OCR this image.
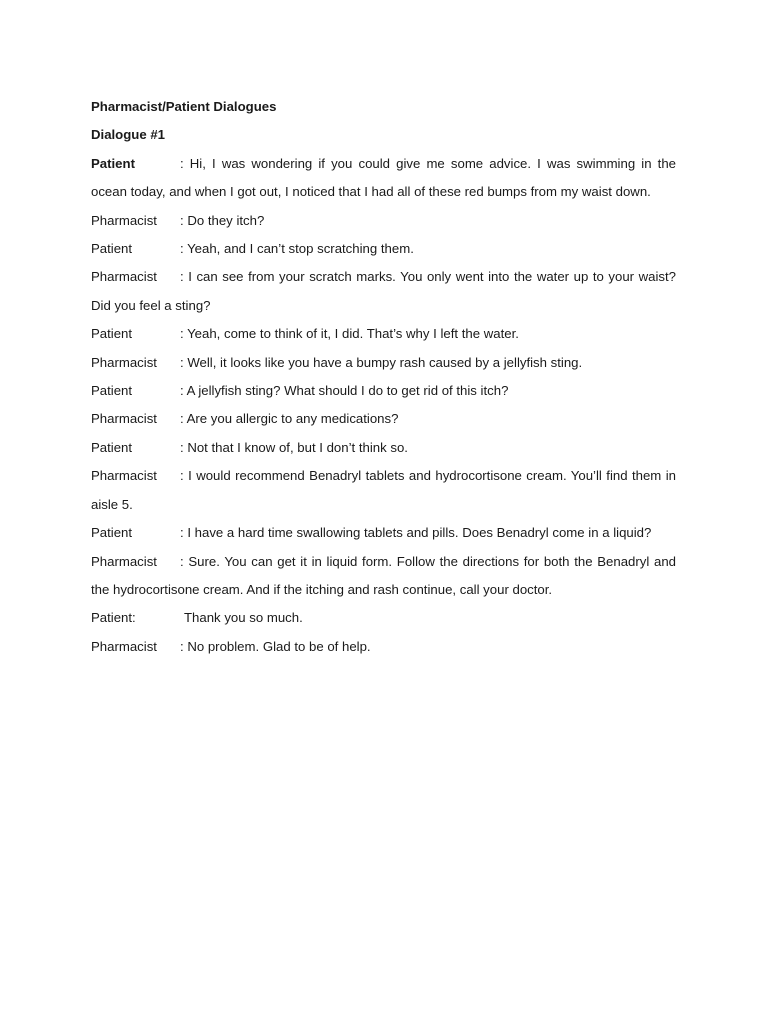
Pharmacist/Patient Dialogues

Dialogue #1

Patient	: Hi, I was wondering if you could give me some advice. I was swimming in the ocean today, and when I got out, I noticed that I had all of these red bumps from my waist down.

Pharmacist : Do they itch?

Patient	: Yeah, and I can’t stop scratching them.

Pharmacist : I can see from your scratch marks. You only went into the water up to your waist? Did you feel a sting?

Patient	: Yeah, come to think of it, I did. That’s why I left the water.

Pharmacist : Well, it looks like you have a bumpy rash caused by a jellyfish sting.

Patient	: A jellyfish sting? What should I do to get rid of this itch?

Pharmacist : Are you allergic to any medications?

Patient	: Not that I know of, but I don’t think so.

Pharmacist : I would recommend Benadryl tablets and hydrocortisone cream. You’ll find them in aisle 5.

Patient	: I have a hard time swallowing tablets and pills. Does Benadryl come in a liquid?

Pharmacist : Sure. You can get it in liquid form. Follow the directions for both the Benadryl and the hydrocortisone cream. And if the itching and rash continue, call your doctor.

Patient:	Thank you so much.

Pharmacist : No problem. Glad to be of help.
